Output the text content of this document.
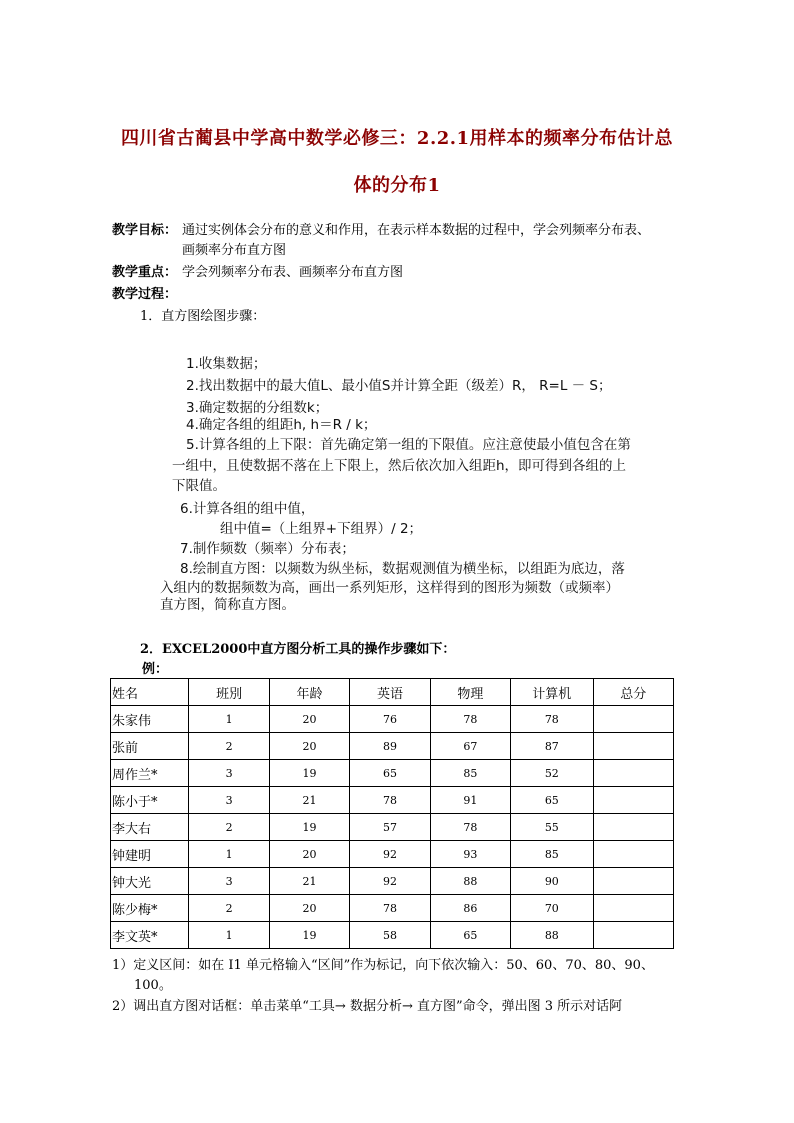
四川省古蔺县中学高中数学必修三：2.2.1用样本的频率分布估计总
体的分布1
教学目标： 通过实例体会分布的意义和作用，在表示样本数据的过程中，学会列频率分布表、
画频率分布直方图
教学重点： 学会列频率分布表、画频率分布直方图
教学过程：
1．直方图绘图步骤：
1.收集数据；
2.找出数据中的最大值L、最小值S并计算全距（级差）R， R=L － S；
3.确定数据的分组数k；
4.确定各组的组距h, h＝R / k；
5.计算各组的上下限：首先确定第一组的下限值。应注意使最小值包含在第
一组中，且使数据不落在上下限上，然后依次加入组距h，即可得到各组的上
下限值。
6.计算各组的组中值，
组中值=（上组界+下组界）/ 2；
7.制作频数（频率）分布表；
8.绘制直方图：以频数为纵坐标，数据观测值为横坐标，以组距为底边，落
入组内的数据频数为高，画出一系列矩形，这样得到的图形为频数（或频率）
直方图，简称直方图。
2．EXCEL2000中直方图分析工具的操作步骤如下：
例：
姓名	班別	年龄	英语	物理	计算机	总分
朱家伟	1	20	76	78	78	
张前	2	20	89	67	87	
周作兰*	3	19	65	85	52	
陈小于*	3	21	78	91	65	
李大右	2	19	57	78	55	
钟建明	1	20	92	93	85	
钟大光	3	21	92	88	90	
陈少梅*	2	20	78	86	70	
李文英*	1	19	58	65	88	
1）定义区间：如在 I1 单元格输入“区间”作为标记，向下依次输入：50、60、70、80、90、
100。
2）调出直方图对话框：单击菜单“工具→ 数据分析→ 直方图”命令，弹出图 3 所示对话阿
